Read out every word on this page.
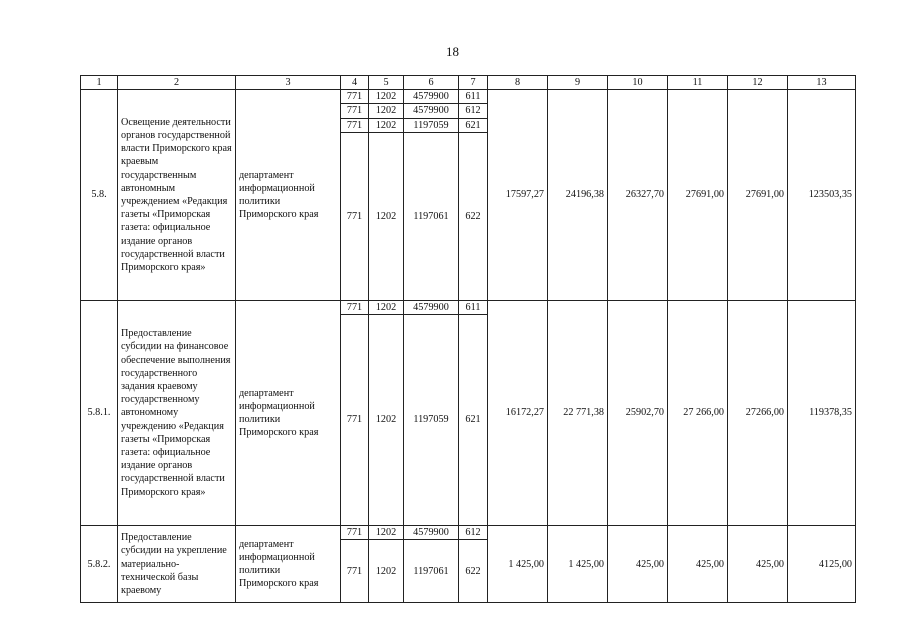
18
1	2	3	4	5	6	7	8	9	10	11	12	13
5.8.	Освещение деятельности органов государственной власти Приморского края краевым государственным автономным учреждением «Редакция газеты «Приморская газета: официальное издание органов государственной власти Приморского края»	департамент информационной политики Приморского края	771	1202	4579900	611	17597,27	24196,38	26327,70	27691,00	27691,00	123503,35
			771	1202	4579900	612						
			771	1202	1197059	621						
			771	1202	1197061	622						
5.8.1.	Предоставление субсидии на финансовое обеспечение выполнения государственного задания краевому государственному автономному учреждению «Редакция газеты «Приморская газета: официальное издание органов государственной власти Приморского края»	департамент информационной политики Приморского края	771	1202	4579900	611	16172,27	22 771,38	25902,70	27 266,00	27266,00	119378,35
			771	1202	1197059	621						
5.8.2.	Предоставление субсидии на укрепление материально-технической базы краевому	департамент информационной политики Приморского края	771	1202	4579900	612	1 425,00	1 425,00	425,00	425,00	425,00	4125,00
			771	1202	1197061	622						
